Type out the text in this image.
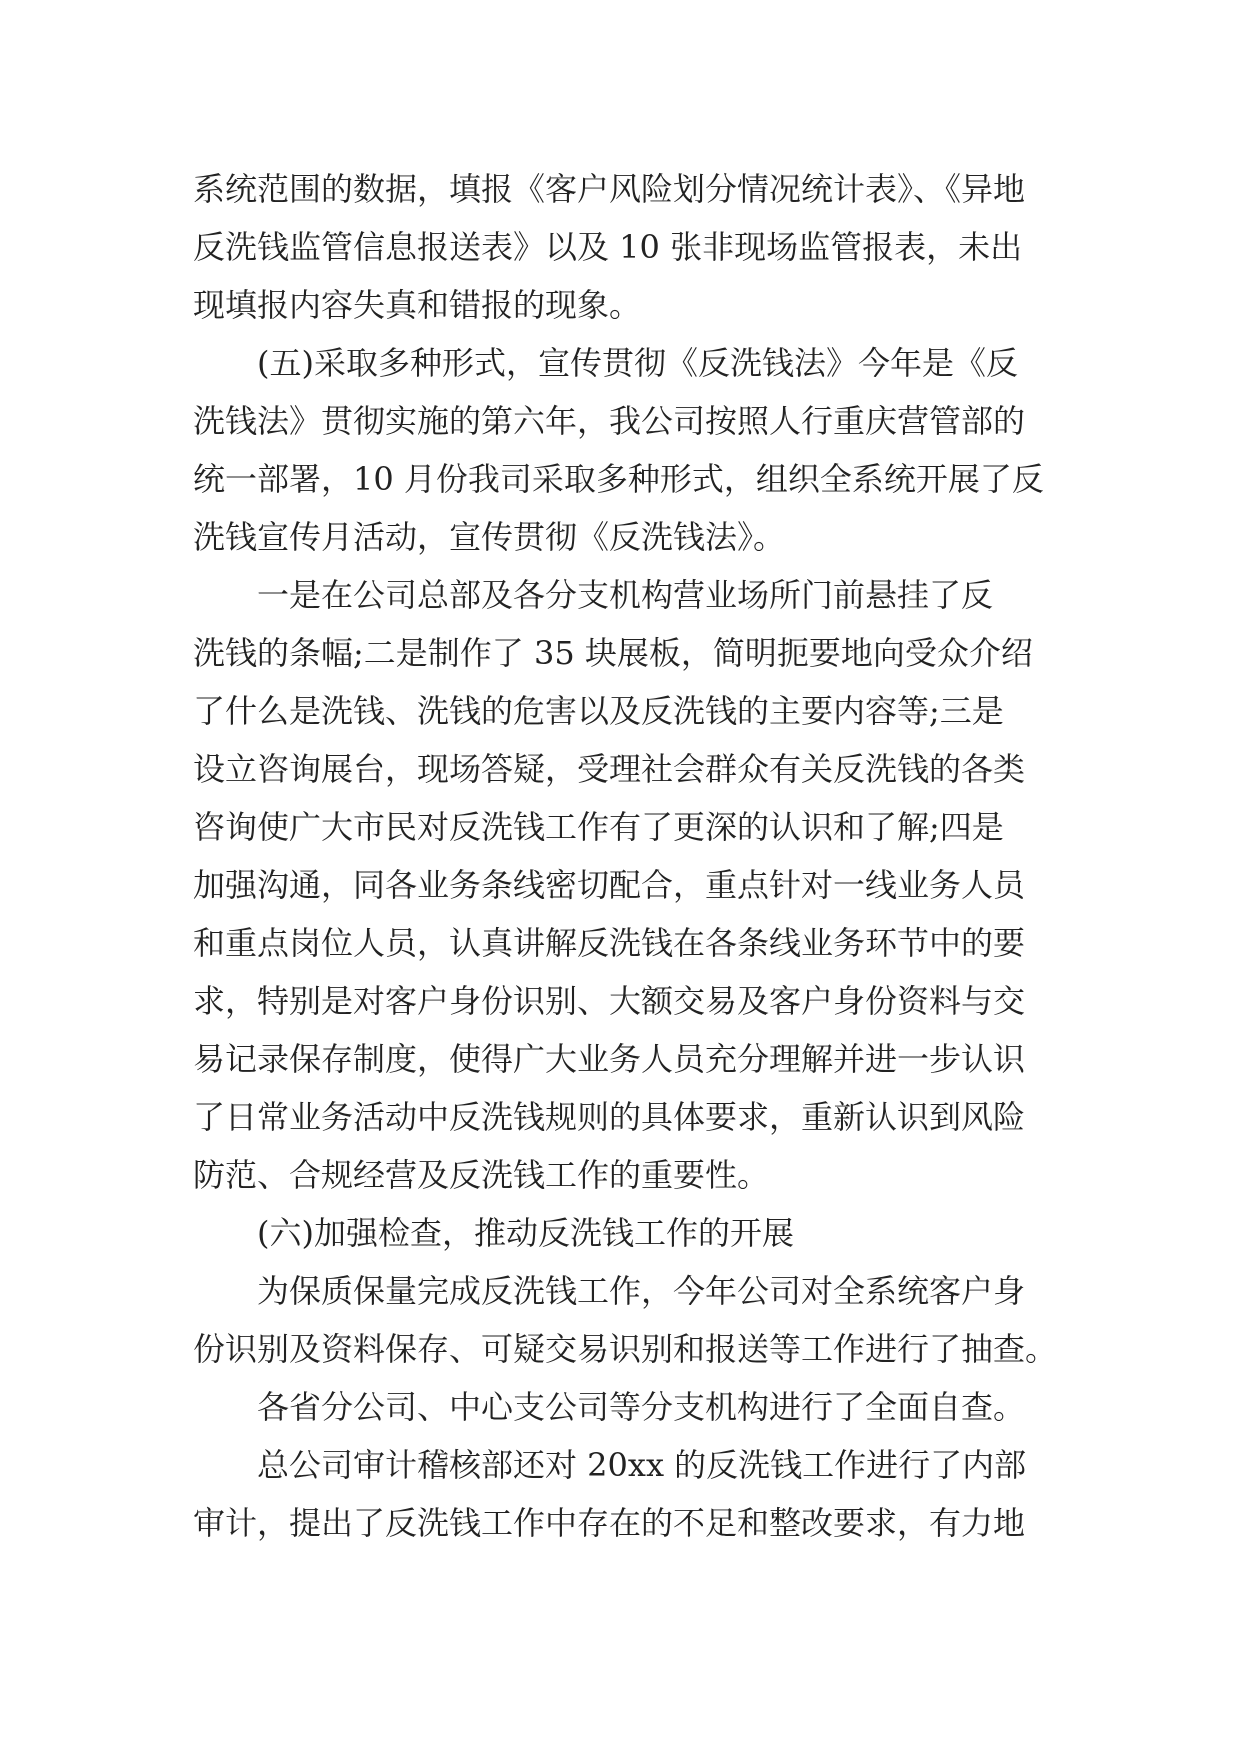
系统范围的数据，填报《客户风险划分情况统计表》、《异地
反洗钱监管信息报送表》以及 10 张非现场监管报表，未出
现填报内容失真和错报的现象。
(五)采取多种形式，宣传贯彻《反洗钱法》今年是《反
洗钱法》贯彻实施的第六年，我公司按照人行重庆营管部的
统一部署，10 月份我司采取多种形式，组织全系统开展了反
洗钱宣传月活动，宣传贯彻《反洗钱法》。
一是在公司总部及各分支机构营业场所门前悬挂了反
洗钱的条幅;二是制作了 35 块展板，简明扼要地向受众介绍
了什么是洗钱、洗钱的危害以及反洗钱的主要内容等;三是
设立咨询展台，现场答疑，受理社会群众有关反洗钱的各类
咨询使广大市民对反洗钱工作有了更深的认识和了解;四是
加强沟通，同各业务条线密切配合，重点针对一线业务人员
和重点岗位人员，认真讲解反洗钱在各条线业务环节中的要
求，特别是对客户身份识别、大额交易及客户身份资料与交
易记录保存制度，使得广大业务人员充分理解并进一步认识
了日常业务活动中反洗钱规则的具体要求，重新认识到风险
防范、合规经营及反洗钱工作的重要性。
(六)加强检查，推动反洗钱工作的开展
为保质保量完成反洗钱工作，今年公司对全系统客户身
份识别及资料保存、可疑交易识别和报送等工作进行了抽查。
各省分公司、中心支公司等分支机构进行了全面自查。
总公司审计稽核部还对 20xx 的反洗钱工作进行了内部
审计，提出了反洗钱工作中存在的不足和整改要求，有力地
